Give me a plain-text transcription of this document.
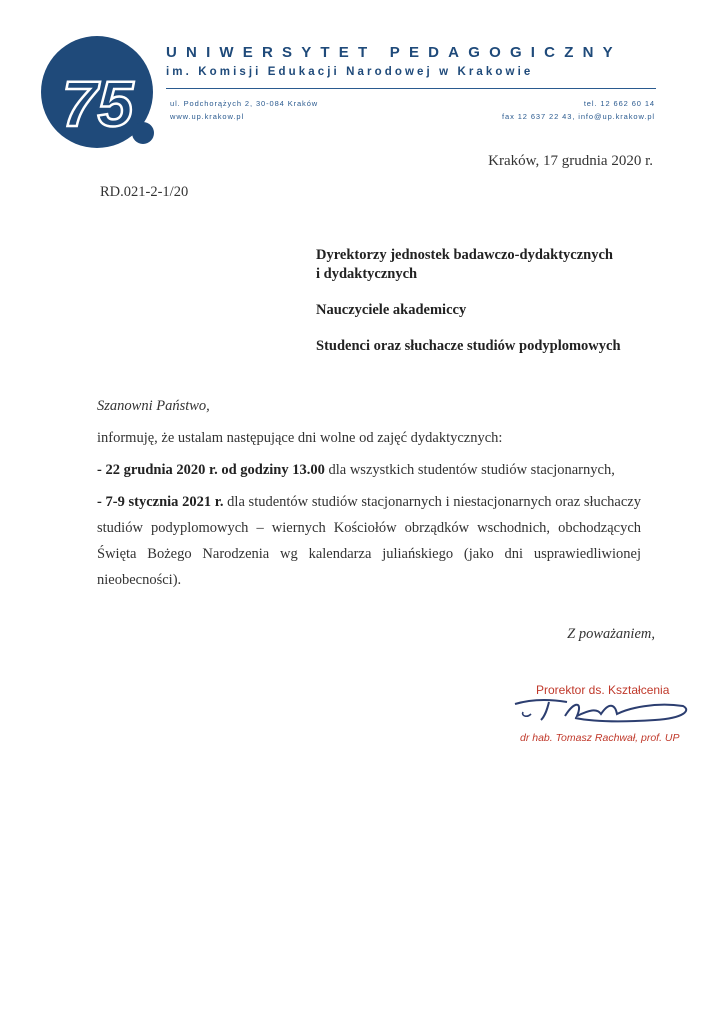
75
UNIWERSYTET PEDAGOGICZNY
im. Komisji Edukacji Narodowej w Krakowie
ul. Podchorążych 2, 30-084 Kraków
www.up.krakow.pl
tel. 12 662 60 14
fax 12 637 22 43, info@up.krakow.pl
Kraków, 17 grudnia 2020 r.
RD.021-2-1/20
Dyrektorzy jednostek badawczo-dydaktycznych
i dydaktycznych
Nauczyciele akademiccy
Studenci oraz słuchacze studiów podyplomowych
Szanowni Państwo,
informuję, że ustalam następujące dni wolne od zajęć dydaktycznych:
- 22 grudnia 2020 r. od godziny 13.00 dla wszystkich studentów studiów stacjonarnych,
- 7-9 stycznia 2021 r. dla studentów studiów stacjonarnych i niestacjonarnych oraz słuchaczy studiów podyplomowych – wiernych Kościołów obrządków wschodnich, obchodzących Święta Bożego Narodzenia wg kalendarza juliańskiego (jako dni usprawiedliwionej nieobecności).
Z poważaniem,
Prorektor ds. Kształcenia
dr hab. Tomasz Rachwał, prof. UP
